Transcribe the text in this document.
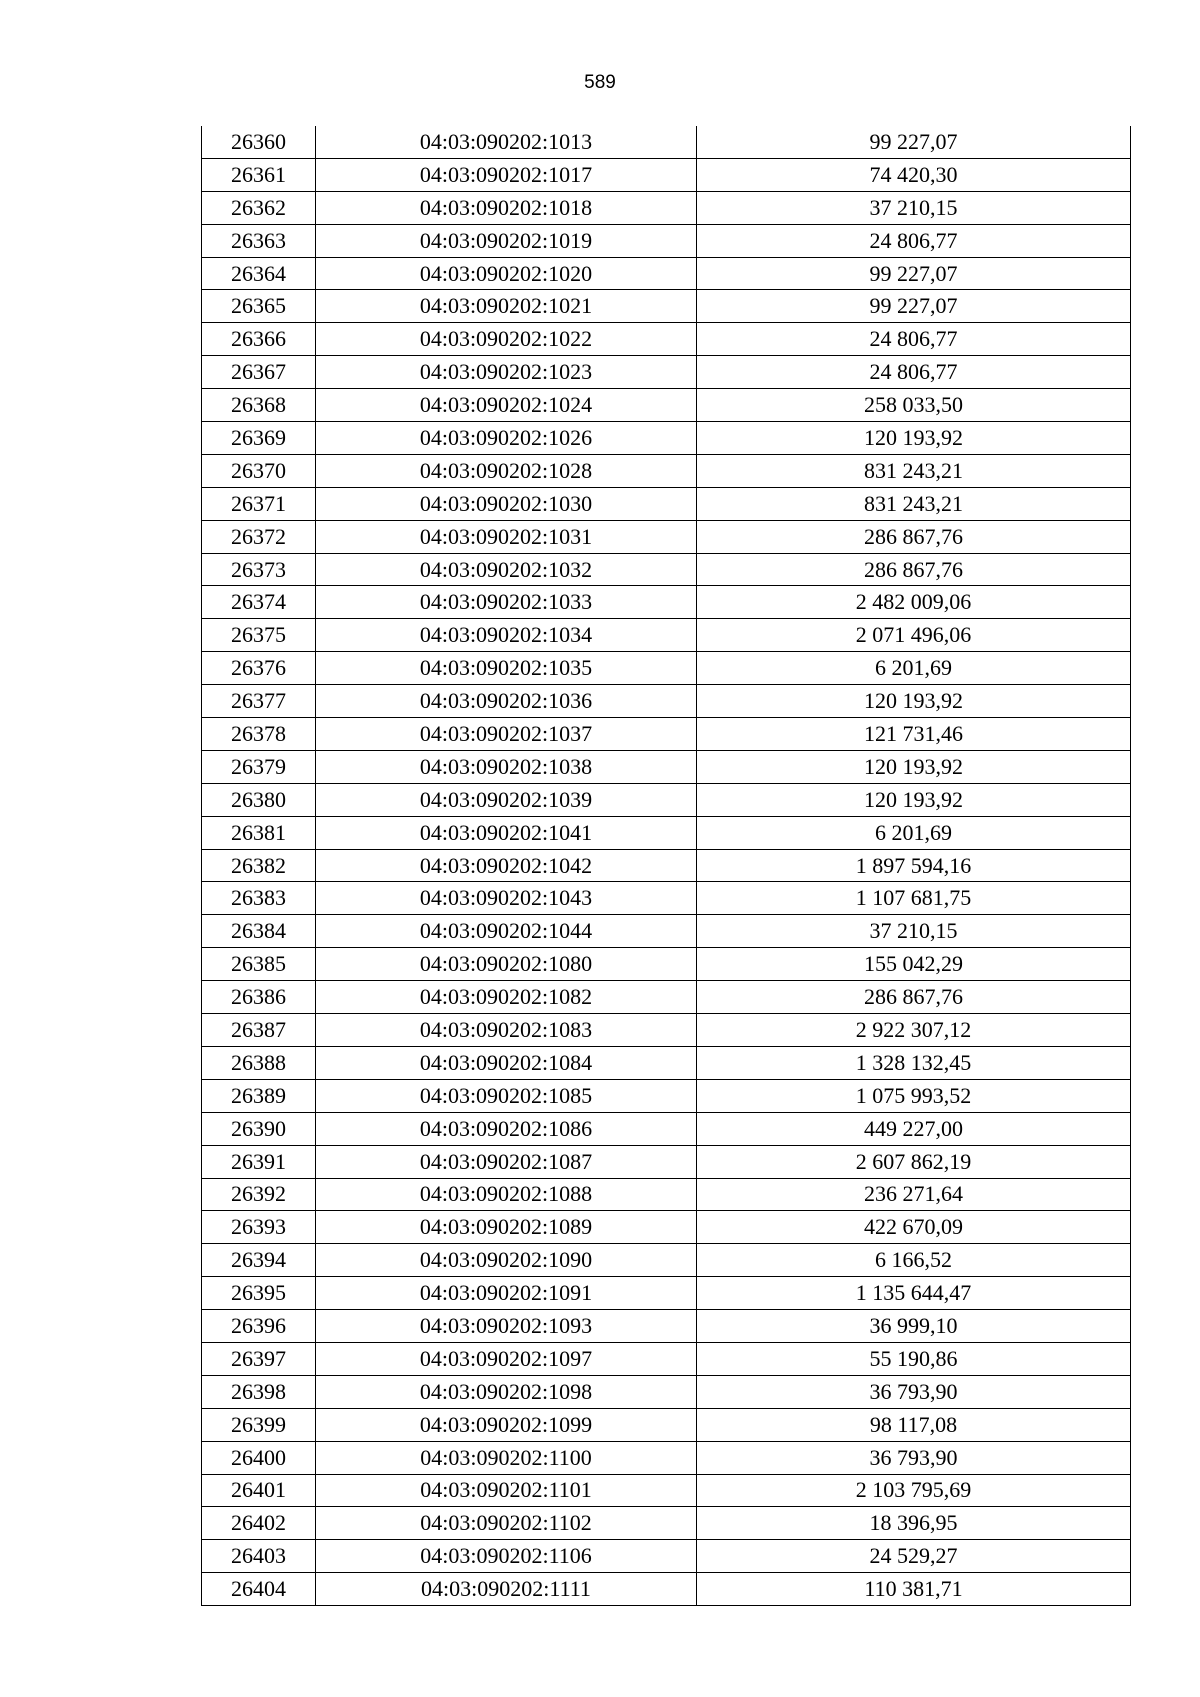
589
26360	04:03:090202:1013	99 227,07
26361	04:03:090202:1017	74 420,30
26362	04:03:090202:1018	37 210,15
26363	04:03:090202:1019	24 806,77
26364	04:03:090202:1020	99 227,07
26365	04:03:090202:1021	99 227,07
26366	04:03:090202:1022	24 806,77
26367	04:03:090202:1023	24 806,77
26368	04:03:090202:1024	258 033,50
26369	04:03:090202:1026	120 193,92
26370	04:03:090202:1028	831 243,21
26371	04:03:090202:1030	831 243,21
26372	04:03:090202:1031	286 867,76
26373	04:03:090202:1032	286 867,76
26374	04:03:090202:1033	2 482 009,06
26375	04:03:090202:1034	2 071 496,06
26376	04:03:090202:1035	6 201,69
26377	04:03:090202:1036	120 193,92
26378	04:03:090202:1037	121 731,46
26379	04:03:090202:1038	120 193,92
26380	04:03:090202:1039	120 193,92
26381	04:03:090202:1041	6 201,69
26382	04:03:090202:1042	1 897 594,16
26383	04:03:090202:1043	1 107 681,75
26384	04:03:090202:1044	37 210,15
26385	04:03:090202:1080	155 042,29
26386	04:03:090202:1082	286 867,76
26387	04:03:090202:1083	2 922 307,12
26388	04:03:090202:1084	1 328 132,45
26389	04:03:090202:1085	1 075 993,52
26390	04:03:090202:1086	449 227,00
26391	04:03:090202:1087	2 607 862,19
26392	04:03:090202:1088	236 271,64
26393	04:03:090202:1089	422 670,09
26394	04:03:090202:1090	6 166,52
26395	04:03:090202:1091	1 135 644,47
26396	04:03:090202:1093	36 999,10
26397	04:03:090202:1097	55 190,86
26398	04:03:090202:1098	36 793,90
26399	04:03:090202:1099	98 117,08
26400	04:03:090202:1100	36 793,90
26401	04:03:090202:1101	2 103 795,69
26402	04:03:090202:1102	18 396,95
26403	04:03:090202:1106	24 529,27
26404	04:03:090202:1111	110 381,71
